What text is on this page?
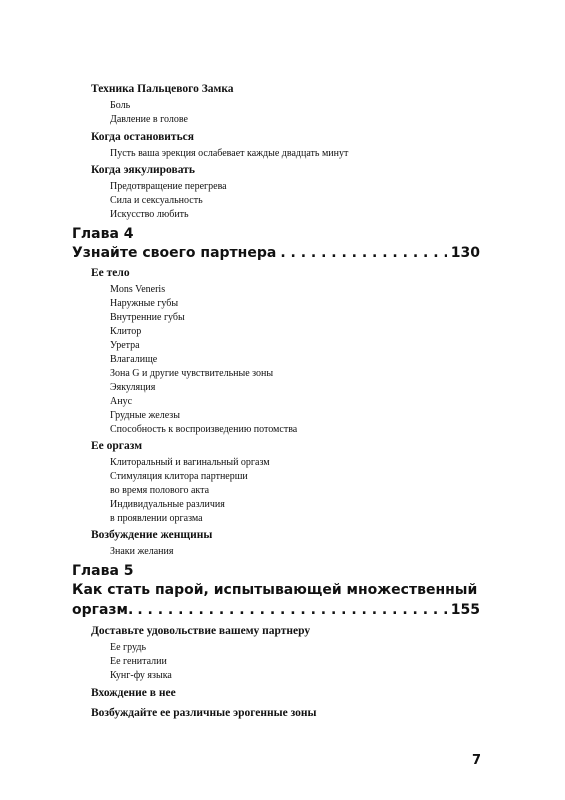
Техника Пальцевого Замка
Боль
Давление в голове
Когда остановиться
Пусть ваша эрекция ослабевает каждые двадцать минут
Когда эякулировать
Предотвращение перегрева
Сила и сексуальность
Искусство любить
Глава 4
Узнайте своего партнера . . .	130
Ее тело
Mons Veneris
Наружные губы
Внутренние губы
Клитор
Уретра
Влагалище
Зона G и другие чувствительные зоны
Эякуляция
Анус
Грудные железы
Способность к воспроизведению потомства
Ее оргазм
Клиторальный и вагинальный оргазм
Стимуляция клитора партнерши
во время полового акта
Индивидуальные различия
в проявлении оргазма
Возбуждение женщины
Знаки желания
Глава 5
Как стать парой, испытывающей множественный
оргазм. . . .	155
Доставьте удовольствие вашему партнеру
Ее грудь
Ее гениталии
Кунг-фу языка
Вхождение в нее
Возбуждайте ее различные эрогенные зоны
7
